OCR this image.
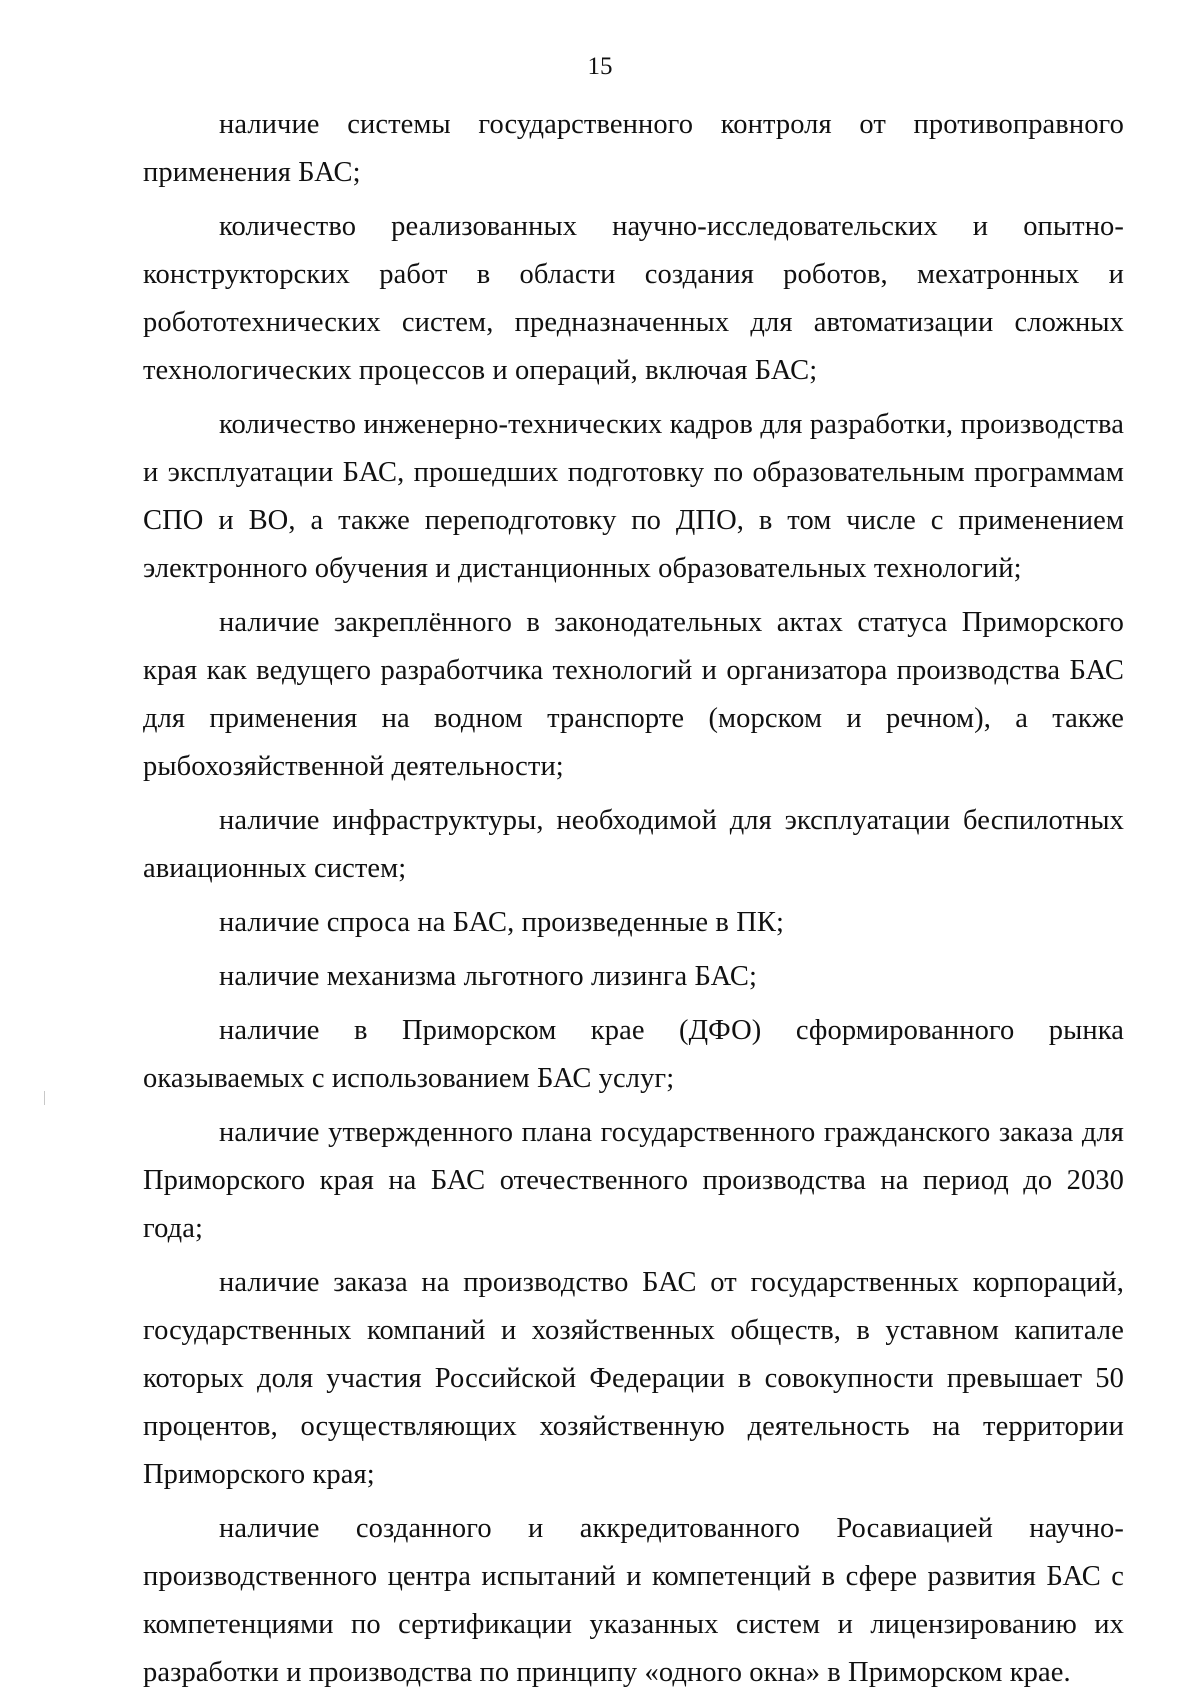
15

наличие системы государственного контроля от противоправного применения БАС;

количество реализованных научно-исследовательских и опытно-конструкторских работ в области создания роботов, мехатронных и робототехнических систем, предназначенных для автоматизации сложных технологических процессов и операций, включая БАС;

количество инженерно-технических кадров для разработки, производства и эксплуатации БАС, прошедших подготовку по образовательным программам СПО и ВО, а также переподготовку по ДПО, в том числе с применением электронного обучения и дистанционных образовательных технологий;

наличие закреплённого в законодательных актах статуса Приморского края как ведущего разработчика технологий и организатора производства БАС для применения на водном транспорте (морском и речном), а также рыбохозяйственной деятельности;

наличие инфраструктуры, необходимой для эксплуатации беспилотных авиационных систем;

наличие спроса на БАС, произведенные в ПК;

наличие механизма льготного лизинга БАС;

наличие в Приморском крае (ДФО) сформированного рынка оказываемых с использованием БАС услуг;

наличие утвержденного плана государственного гражданского заказа для Приморского края на БАС отечественного производства на период до 2030 года;

наличие заказа на производство БАС от государственных корпораций, государственных компаний и хозяйственных обществ, в уставном капитале которых доля участия Российской Федерации в совокупности превышает 50 процентов, осуществляющих хозяйственную деятельность на территории Приморского края;

наличие созданного и аккредитованного Росавиацией научно-производственного центра испытаний и компетенций в сфере развития БАС с компетенциями по сертификации указанных систем и лицензированию их разработки и производства по принципу «одного окна» в Приморском крае.
